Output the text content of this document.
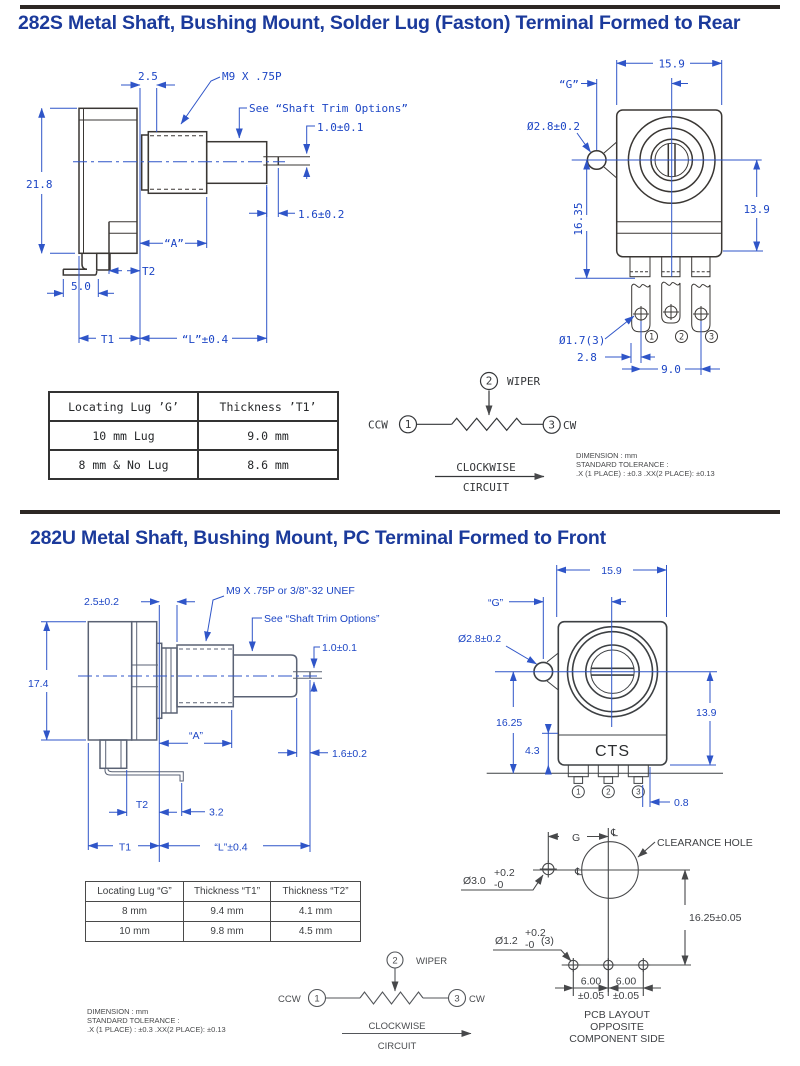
282S Metal Shaft, Bushing Mount, Solder Lug (Faston) Terminal Formed to Rear
21.8
2.5	M9 X .75P
See “Shaft Trim Options”
1.0±0.1
1.6±0.2
“A”
T2
5.0
T1	“L”±0.4	1	2	3
15.9
“G”
Ø2.8±0.2
16.35	13.9
Ø1.7(3)
2.8
9.0
Locating Lug ’G’	Thickness ’T1’
10 mm Lug	9.0 mm
8 mm & No Lug	8.6 mm
2 WIPER
1
CCW	3 CW
CLOCKWISE
CIRCUIT
DIMENSION : mm
STANDARD TOLERANCE :
.X (1 PLACE) : ±0.3 .XX(2 PLACE): ±0.13
282U Metal Shaft, Bushing Mount, PC Terminal Formed to Front
2.5±0.2
M9 X .75P or 3/8”-32 UNEF
See “Shaft Trim Options”
1.0±0.1
17.4
“A”
1.6±0.2
T2
3.2
T1	“L”±0.4
CTS
1	2	3
15.9
“G”
Ø2.8±0.2
16.25
4.3
13.9
0.8
Locating Lug “G”	Thickness “T1”	Thickness “T2”
8 mm	9.4 mm	4.1 mm
10 mm	9.8 mm	4.5 mm
G	℄
℄
CLEARANCE HOLE
Ø3.0
+0.2
-0
16.25±0.05
Ø1.2
+0.2
-0 (3)
6.00 6.00
±0.05 ±0.05
PCB LAYOUT
OPPOSITE
COMPONENT SIDE
2 WIPER
1
CCW	3 CW
CLOCKWISE
CIRCUIT
DIMENSION : mm
STANDARD TOLERANCE :
.X (1 PLACE) : ±0.3 .XX(2 PLACE): ±0.13
